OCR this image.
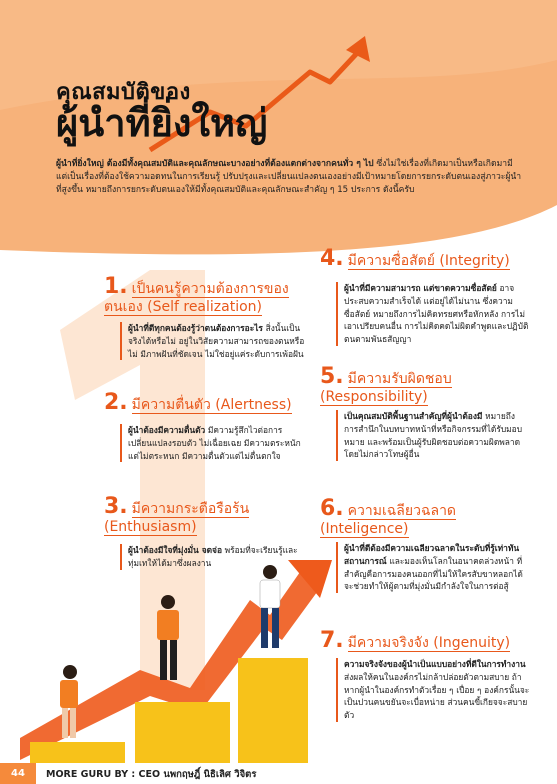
คุณสมบัติของ
ผู้นำที่ยิ่งใหญ่
ผู้นำที่ยิ่งใหญ่ ต้องมีทั้งคุณสมบัติและคุณลักษณะบางอย่างที่ต้องแตกต่างจากคนทั่ว ๆ ไป ซึ่งไม่ใช่เรื่องที่เกิดมาเป็นหรือเกิดมามี แต่เป็นเรื่องที่ต้องใช้ความอดทนในการเรียนรู้ ปรับปรุงและเปลี่ยนแปลงตนเองอย่างมีเป้าหมายโดยการยกระดับตนเองสู่ภาวะผู้นำที่สูงขึ้น หมายถึงการยกระดับตนเองให้มีทั้งคุณสมบัติและคุณลักษณะสำคัญ ๆ 15 ประการ ดังนี้ครับ
1. เป็นคนรู้ความต้องการของตนเอง (Self realization)
ผู้นำที่ดีทุกคนต้องรู้ว่าตนต้องการอะไร สิ่งนั้นเป็นจริงได้หรือไม่ อยู่ในวิสัยความสามารถของตนหรือไม่ มีภาพฝันที่ชัดเจน ไม่ใช่อยู่แค่ระดับการเพ้อฝัน
2. มีความตื่นตัว (Alertness)
ผู้นำต้องมีความตื่นตัว มีความรู้สึกไวต่อการเปลี่ยนแปลงรอบตัว ไม่เฉื่อยเฉย มีความตระหนัก แต่ไม่ตระหนก มีความตื่นตัวแต่ไม่ตื่นตกใจ
3. มีความกระตือรือร้น (Enthusiasm)
ผู้นำต้องมีใจที่มุ่งมั่น จดจ่อ พร้อมที่จะเรียนรู้และทุ่มเทให้ได้มาซึ่งผลงาน
4. มีความซื่อสัตย์ (Integrity)
ผู้นำที่มีความสามารถ แต่ขาดความซื่อสัตย์ อาจประสบความสำเร็จได้ แต่อยู่ได้ไม่นาน ซึ่งความซื่อสัตย์ หมายถึงการไม่คิดทรยศหรือหักหลัง การไม่เอาเปรียบคนอื่น การไม่คิดคดไม่ผิดคำพูดและปฏิบัติตนตามพันธสัญญา
5. มีความรับผิดชอบ (Responsibility)
เป็นคุณสมบัติพื้นฐานสำคัญที่ผู้นำต้องมี หมายถึง การสำนึกในบทบาทหน้าที่หรือกิจกรรมที่ได้รับมอบหมาย และพร้อมเป็นผู้รับผิดชอบต่อความผิดพลาดโดยไม่กล่าวโทษผู้อื่น
6. ความเฉลียวฉลาด (Inteligence)
ผู้นำที่ดีต้องมีความเฉลียวฉลาดในระดับที่รู้เท่าทันสถานการณ์ และมองเห็นโลกในอนาคตล่วงหน้า ที่สำคัญคือการมองคนออกที่ไม่ให้ใครสับขาหลอกได้ จะช่วยทำให้ผู้ตามที่มุ่งมั่นมีกำลังใจในการต่อสู้
7. มีความจริงจัง (Ingenuity)
ความจริงจังของผู้นำเป็นแบบอย่างที่ดีในการทำงาน ส่งผลให้คนในองค์กรไม่กล้าปล่อยตัวตามสบาย ถ้าหากผู้นำในองค์กรทำตัวเรื่อย ๆ เปื่อย ๆ องค์กรนั้นจะเป็นปวนคนขยันจะเบื่อหน่าย ส่วนคนขี้เกียจจะสบายตัว
44	MORE GURU BY : CEO นพกฤษฎิ์ นิธิเลิศ วิจิตร
